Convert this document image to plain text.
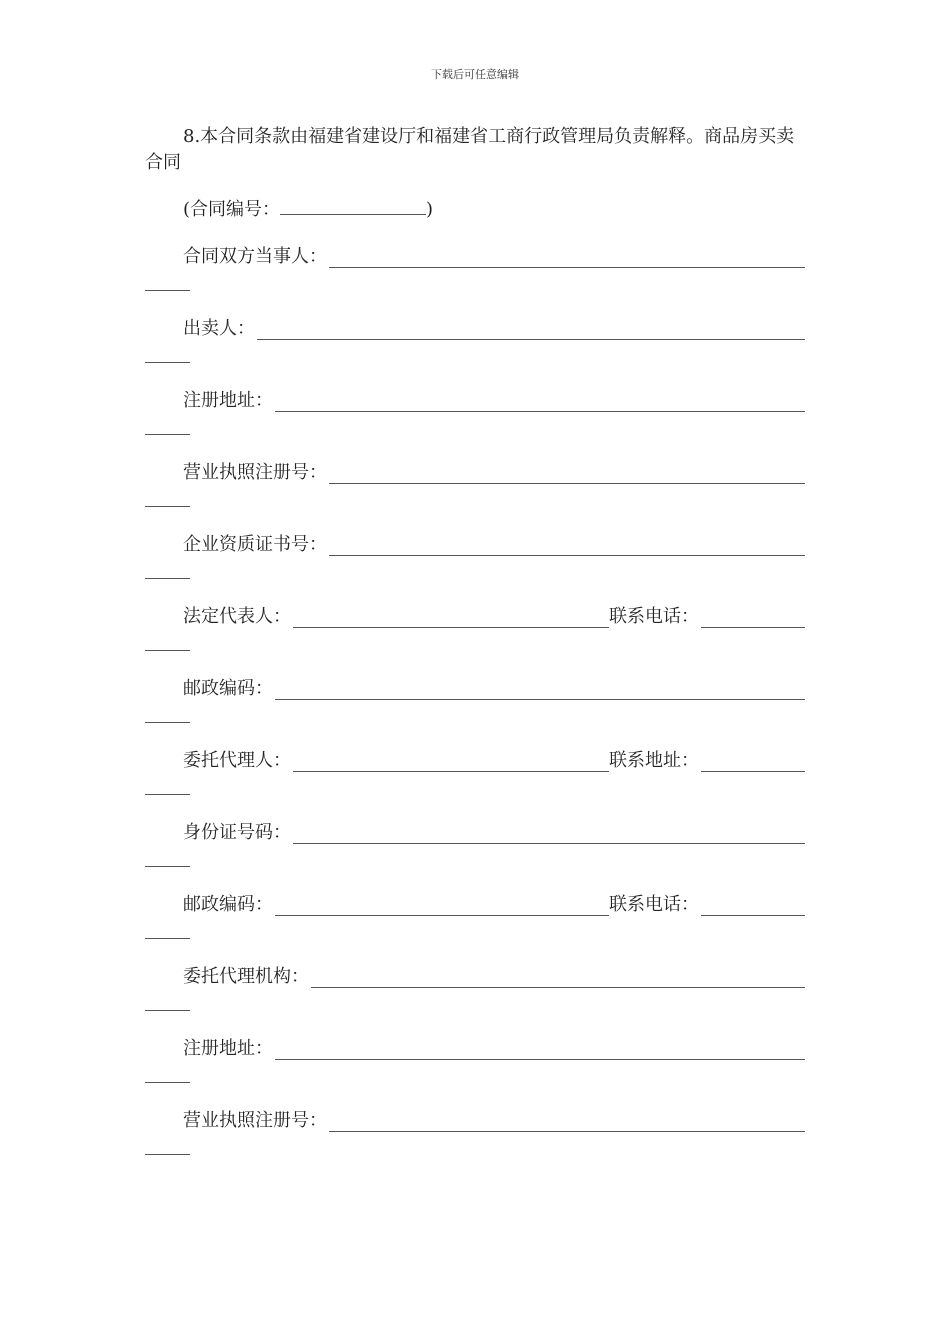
下载后可任意编辑
8.本合同条款由福建省建设厅和福建省工商行政管理局负责解释。商品房买卖合同
(合同编号：	)
合同双方当事人：
出卖人：
注册地址：
营业执照注册号：
企业资质证书号：
法定代表人：	联系电话：
邮政编码：
委托代理人：	联系地址：
身份证号码：
邮政编码：	联系电话：
委托代理机构：
注册地址：
营业执照注册号：
